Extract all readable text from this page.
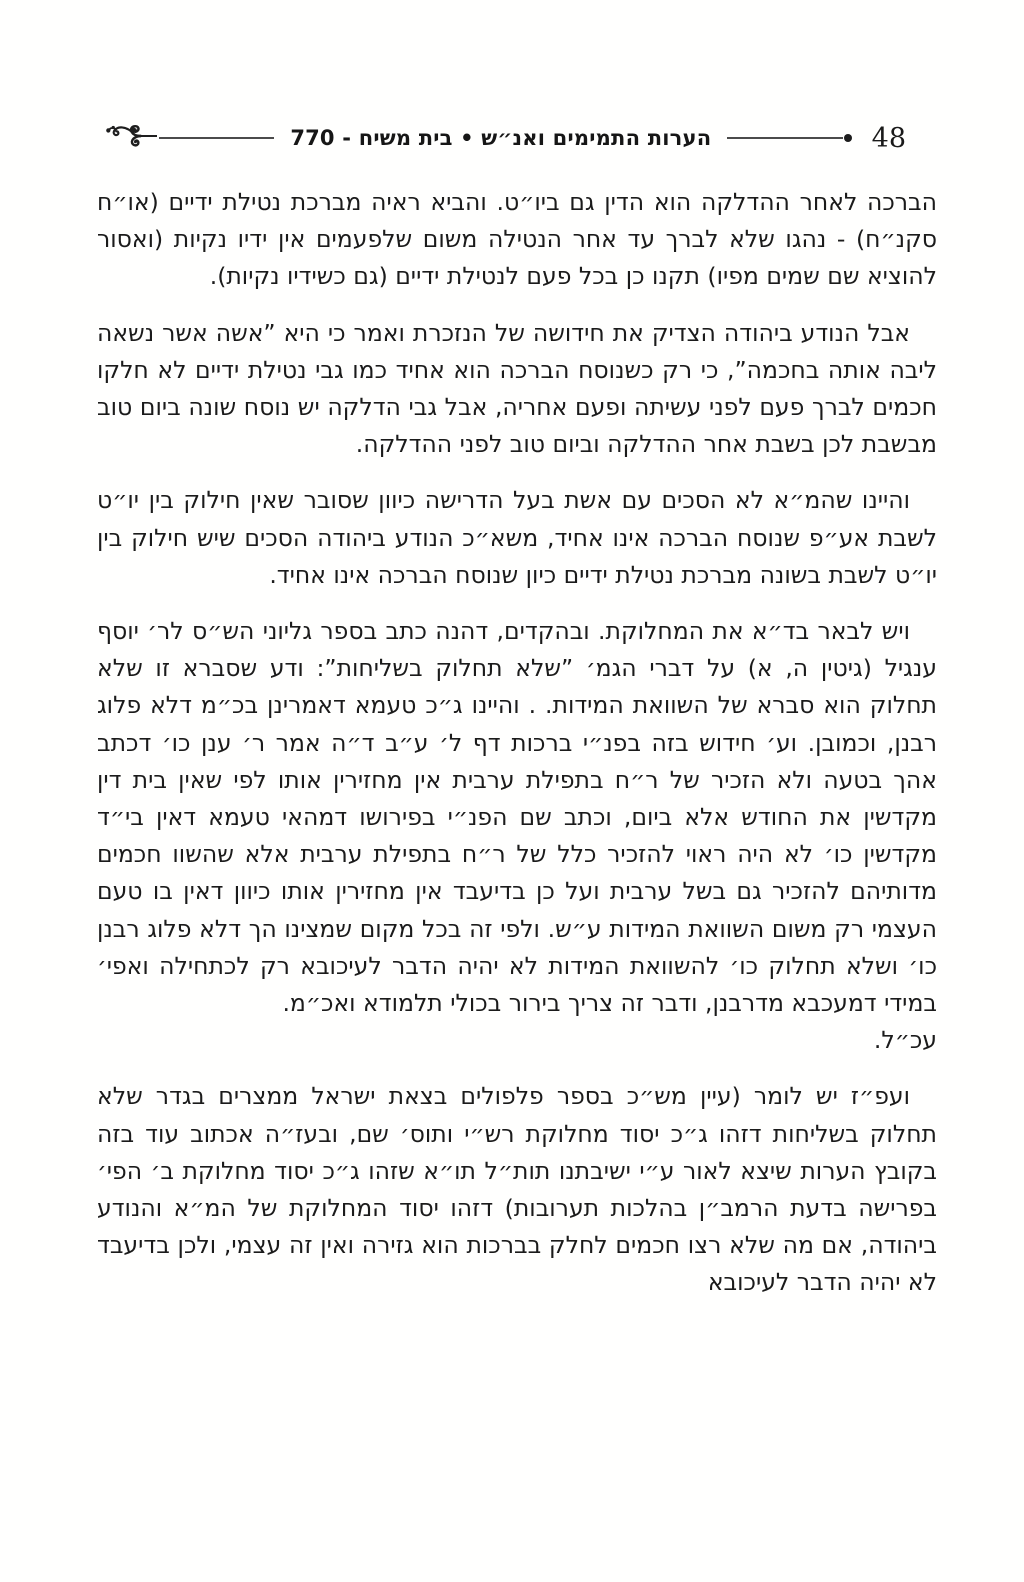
הערות התמימים ואנ״ש • בית משיח - 770	48

הברכה לאחר ההדלקה הוא הדין גם ביו״ט. והביא ראיה מברכת נטילת ידיים (או״ח סקנ״ח) - נהגו שלא לברך עד אחר הנטילה משום שלפעמים אין ידיו נקיות (ואסור להוציא שם שמים מפיו) תקנו כן בכל פעם לנטילת ידיים (גם כשידיו נקיות).

אבל הנודע ביהודה הצדיק את חידושה של הנזכרת ואמר כי היא ”אשה אשר נשאה ליבה אותה בחכמה”, כי רק כשנוסח הברכה הוא אחיד כמו גבי נטילת ידיים לא חלקו חכמים לברך פעם לפני עשיתה ופעם אחריה, אבל גבי הדלקה יש נוסח שונה ביום טוב מבשבת לכן בשבת אחר ההדלקה וביום טוב לפני ההדלקה.

והיינו שהמ״א לא הסכים עם אשת בעל הדרישה כיוון שסובר שאין חילוק בין יו״ט לשבת אע״פ שנוסח הברכה אינו אחיד, משא״כ הנודע ביהודה הסכים שיש חילוק בין יו״ט לשבת בשונה מברכת נטילת ידיים כיון שנוסח הברכה אינו אחיד.

ויש לבאר בד״א את המחלוקת. ובהקדים, דהנה כתב בספר גליוני הש״ס לר׳ יוסף ענגיל (גיטין ה, א) על דברי הגמ׳ ”שלא תחלוק בשליחות”: ודע שסברא זו שלא תחלוק הוא סברא של השוואת המידות. . והיינו ג״כ טעמא דאמרינן בכ״מ דלא פלוג רבנן, וכמובן. וע׳ חידוש בזה בפנ״י ברכות דף ל׳ ע״ב ד״ה אמר ר׳ ענן כו׳ דכתב אהך בטעה ולא הזכיר של ר״ח בתפילת ערבית אין מחזירין אותו לפי שאין בית דין מקדשין את החודש אלא ביום, וכתב שם הפנ״י בפירושו דמהאי טעמא דאין בי״ד מקדשין כו׳ לא היה ראוי להזכיר כלל של ר״ח בתפילת ערבית אלא שהשוו חכמים מדותיהם להזכיר גם בשל ערבית ועל כן בדיעבד אין מחזירין אותו כיוון דאין בו טעם העצמי רק משום השוואת המידות ע״ש. ולפי זה בכל מקום שמצינו הך דלא פלוג רבנן כו׳ ושלא תחלוק כו׳ להשוואת המידות לא יהיה הדבר לעיכובא רק לכתחילה ואפי׳ במידי דמעכבא מדרבנן, ודבר זה צריך בירור בכולי תלמודא ואכ״מ.

עכ״ל.

ועפ״ז יש לומר (עיין מש״כ בספר פלפולים בצאת ישראל ממצרים בגדר שלא תחלוק בשליחות דזהו ג״כ יסוד מחלוקת רש״י ותוס׳ שם, ובעז״ה אכתוב עוד בזה בקובץ הערות שיצא לאור ע״י ישיבתנו תות״ל תו״א שזהו ג״כ יסוד מחלוקת ב׳ הפי׳ בפרישה בדעת הרמב״ן בהלכות תערובות) דזהו יסוד המחלוקת של המ״א והנודע ביהודה, אם מה שלא רצו חכמים לחלק בברכות הוא גזירה ואין זה עצמי, ולכן בדיעבד לא יהיה הדבר לעיכובא
